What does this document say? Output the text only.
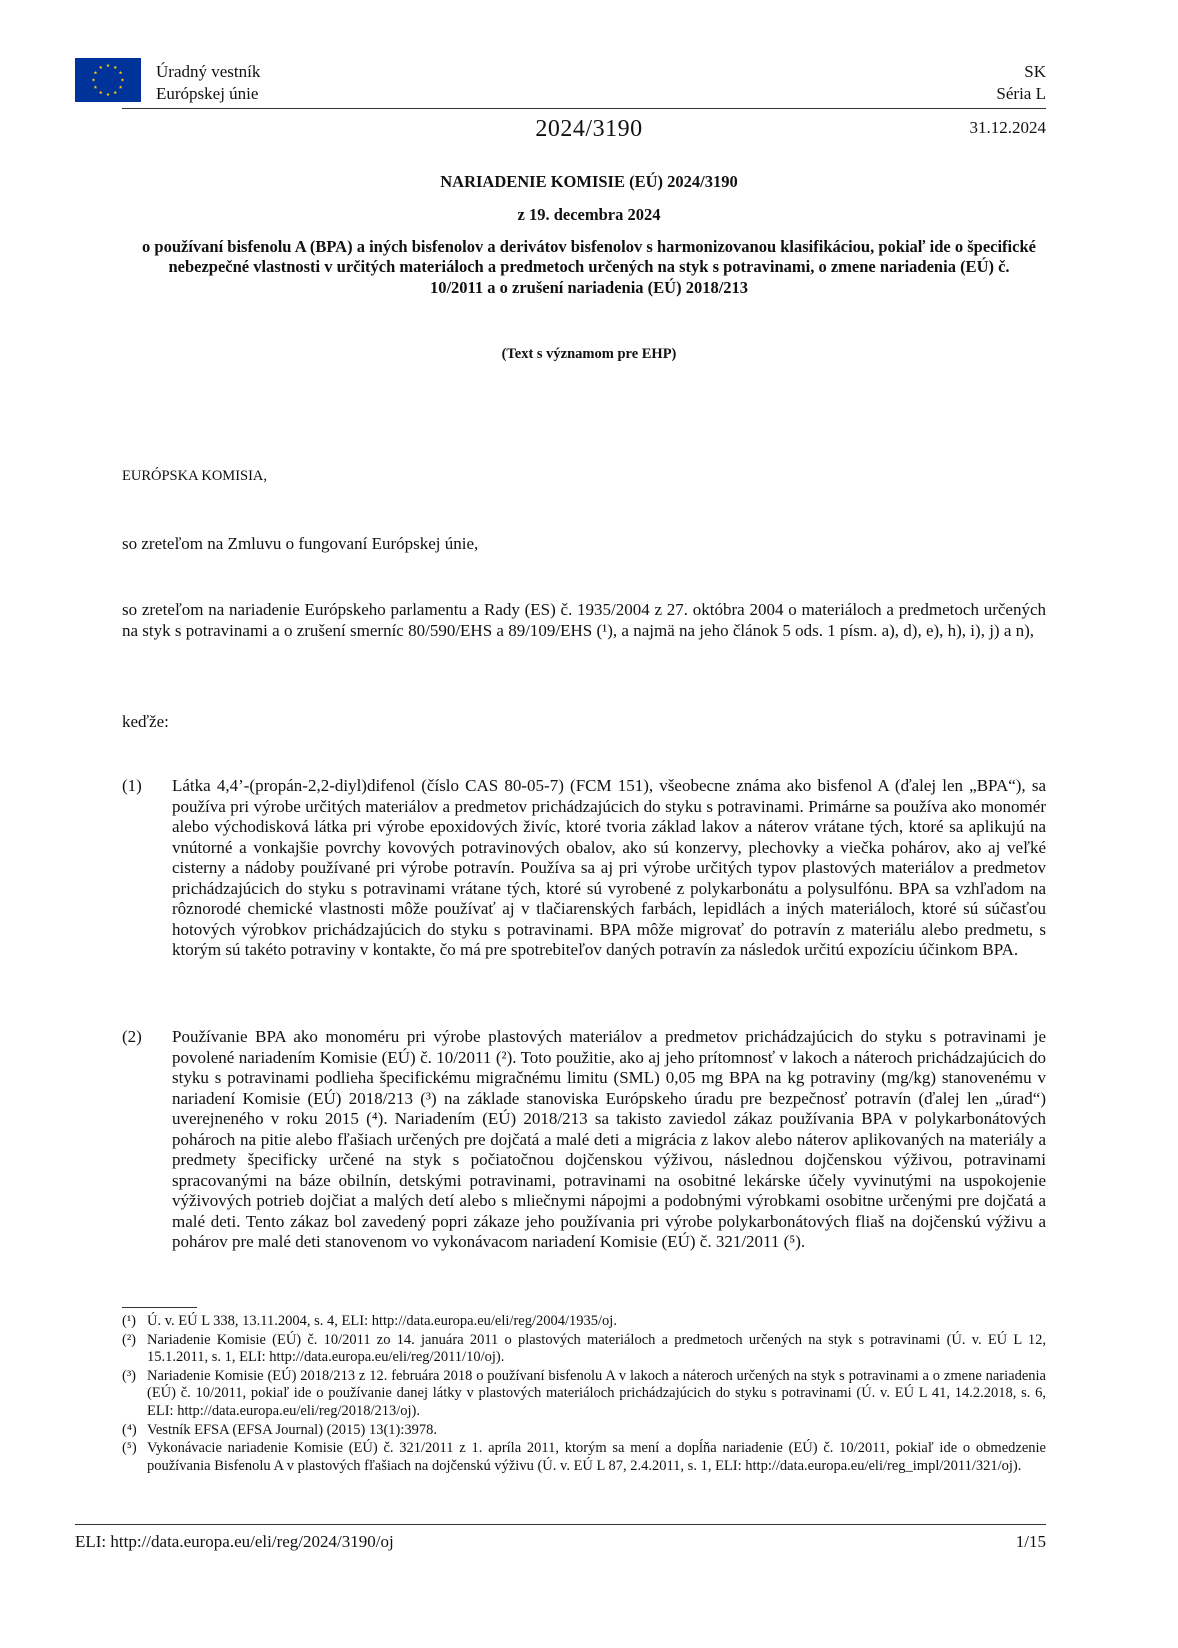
Úradný vestník
Európskej únie
SK
Séria L
2024/3190	31.12.2024
NARIADENIE KOMISIE (EÚ) 2024/3190
z 19. decembra 2024
o používaní bisfenolu A (BPA) a iných bisfenolov a derivátov bisfenolov s harmonizovanou klasifikáciou, pokiaľ ide o špecifické nebezpečné vlastnosti v určitých materiáloch a predmetoch určených na styk s potravinami, o zmene nariadenia (EÚ) č. 10/2011 a o zrušení nariadenia (EÚ) 2018/213
(Text s významom pre EHP)
EURÓPSKA KOMISIA,
so zreteľom na Zmluvu o fungovaní Európskej únie,
so zreteľom na nariadenie Európskeho parlamentu a Rady (ES) č. 1935/2004 z 27. októbra 2004 o materiáloch a predmetoch určených na styk s potravinami a o zrušení smerníc 80/590/EHS a 89/109/EHS (¹), a najmä na jeho článok 5 ods. 1 písm. a), d), e), h), i), j) a n),
keďže:
(1) Látka 4,4’-(propán-2,2-diyl)difenol (číslo CAS 80-05-7) (FCM 151), všeobecne známa ako bisfenol A (ďalej len „BPA“), sa používa pri výrobe určitých materiálov a predmetov prichádzajúcich do styku s potravinami. Primárne sa používa ako monomér alebo východisková látka pri výrobe epoxidových živíc, ktoré tvoria základ lakov a náterov vrátane tých, ktoré sa aplikujú na vnútorné a vonkajšie povrchy kovových potravinových obalov, ako sú konzervy, plechovky a viečka pohárov, ako aj veľké cisterny a nádoby používané pri výrobe potravín. Používa sa aj pri výrobe určitých typov plastových materiálov a predmetov prichádzajúcich do styku s potravinami vrátane tých, ktoré sú vyrobené z polykarbonátu a polysulfónu. BPA sa vzhľadom na rôznorodé chemické vlastnosti môže používať aj v tlačiarenských farbách, lepidlách a iných materiáloch, ktoré sú súčasťou hotových výrobkov prichádzajúcich do styku s potravinami. BPA môže migrovať do potravín z materiálu alebo predmetu, s ktorým sú takéto potraviny v kontakte, čo má pre spotrebiteľov daných potravín za následok určitú expozíciu účinkom BPA.
(2) Používanie BPA ako monoméru pri výrobe plastových materiálov a predmetov prichádzajúcich do styku s potravinami je povolené nariadením Komisie (EÚ) č. 10/2011 (²). Toto použitie, ako aj jeho prítomnosť v lakoch a náteroch prichádzajúcich do styku s potravinami podlieha špecifickému migračnému limitu (SML) 0,05 mg BPA na kg potraviny (mg/kg) stanovenému v nariadení Komisie (EÚ) 2018/213 (³) na základe stanoviska Európskeho úradu pre bezpečnosť potravín (ďalej len „úrad“) uverejneného v roku 2015 (⁴). Nariadením (EÚ) 2018/213 sa takisto zaviedol zákaz používania BPA v polykarbonátových pohároch na pitie alebo fľašiach určených pre dojčatá a malé deti a migrácia z lakov alebo náterov aplikovaných na materiály a predmety špecificky určené na styk s počiatočnou dojčenskou výživou, následnou dojčenskou výživou, potravinami spracovanými na báze obilnín, detskými potravinami, potravinami na osobitné lekárske účely vyvinutými na uspokojenie výživových potrieb dojčiat a malých detí alebo s mliečnymi nápojmi a podobnými výrobkami osobitne určenými pre dojčatá a malé deti. Tento zákaz bol zavedený popri zákaze jeho používania pri výrobe polykarbonátových fliaš na dojčenskú výživu a pohárov pre malé deti stanovenom vo vykonávacom nariadení Komisie (EÚ) č. 321/2011 (⁵).
(¹) Ú. v. EÚ L 338, 13.11.2004, s. 4, ELI: http://data.europa.eu/eli/reg/2004/1935/oj.
(²) Nariadenie Komisie (EÚ) č. 10/2011 zo 14. januára 2011 o plastových materiáloch a predmetoch určených na styk s potravinami (Ú. v. EÚ L 12, 15.1.2011, s. 1, ELI: http://data.europa.eu/eli/reg/2011/10/oj).
(³) Nariadenie Komisie (EÚ) 2018/213 z 12. februára 2018 o používaní bisfenolu A v lakoch a náteroch určených na styk s potravinami a o zmene nariadenia (EÚ) č. 10/2011, pokiaľ ide o používanie danej látky v plastových materiáloch prichádzajúcich do styku s potravinami (Ú. v. EÚ L 41, 14.2.2018, s. 6, ELI: http://data.europa.eu/eli/reg/2018/213/oj).
(⁴) Vestník EFSA (EFSA Journal) (2015) 13(1):3978.
(⁵) Vykonávacie nariadenie Komisie (EÚ) č. 321/2011 z 1. apríla 2011, ktorým sa mení a dopĺňa nariadenie (EÚ) č. 10/2011, pokiaľ ide o obmedzenie používania Bisfenolu A v plastových fľašiach na dojčenskú výživu (Ú. v. EÚ L 87, 2.4.2011, s. 1, ELI: http://data.europa.eu/eli/reg_impl/2011/321/oj).
ELI: http://data.europa.eu/eli/reg/2024/3190/oj	1/15
